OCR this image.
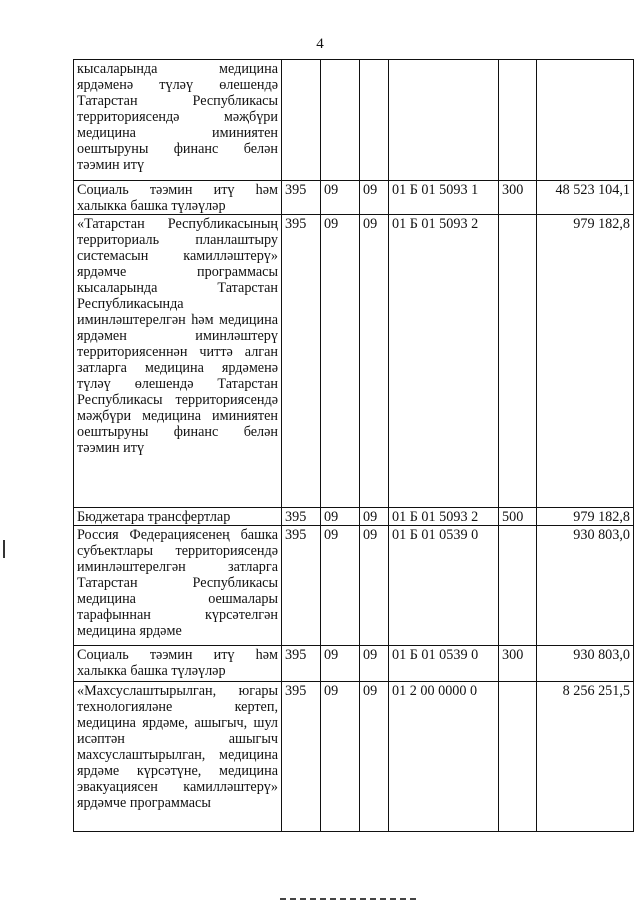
4
кысаларында медицина ярдәменә түләү өлешендә Татарстан Республикасы территориясендә мәҗбүри медицина иминиятен оештыруны финанс белән тәэмин итү						
Социаль тәэмин итү һәм халыкка башка түләүләр	395	09	09	01 Б 01 5093 1	300	48 523 104,1
«Татарстан Республикасының территориаль планлаштыру системасын камилләштерү» ярдәмче программасы кысаларында Татарстан Республикасында иминләштерелгән һәм медицина ярдәмен иминләштерү территориясеннән читтә алган затларга медицина ярдәменә түләү өлешендә Татарстан Республикасы территориясендә мәҗбүри медицина иминиятен оештыруны финанс белән тәэмин итү	395	09	09	01 Б 01 5093 2		979 182,8
Бюджетара трансфертлар	395	09	09	01 Б 01 5093 2	500	979 182,8
Россия Федерациясенең башка субъектлары территориясендә иминләштерелгән затларга Татарстан Республикасы медицина оешмалары тарафыннан күрсәтелгән медицина ярдәме	395	09	09	01 Б 01 0539 0		930 803,0
Социаль тәэмин итү һәм халыкка башка түләүләр	395	09	09	01 Б 01 0539 0	300	930 803,0
«Махсуслаштырылган, югары технологияләне кертеп, медицина ярдәме, ашыгыч, шул исәптән ашыгыч махсуслаштырылган, медицина ярдәме күрсәтүне, медицина эвакуациясен камилләштерү» ярдәмче программасы	395	09	09	01 2 00 0000 0		8 256 251,5
